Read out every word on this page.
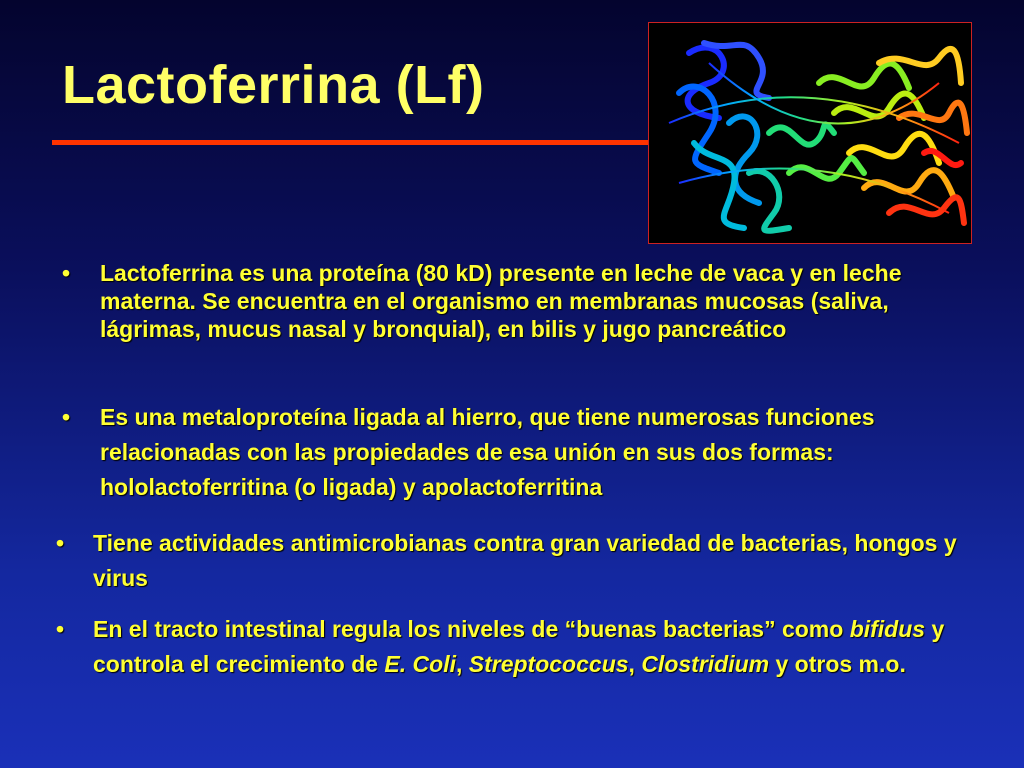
Lactoferrina (Lf)
• Lactoferrina es una proteína (80 kD) presente en leche de vaca y en leche materna. Se encuentra en el organismo en membranas mucosas (saliva, lágrimas, mucus nasal y bronquial), en bilis y jugo pancreático
• Es una metaloproteína ligada al hierro, que tiene numerosas funciones relacionadas con las propiedades de esa unión en sus dos formas: hololactoferritina (o ligada) y apolactoferritina
• Tiene actividades antimicrobianas contra gran variedad de bacterias, hongos y virus
• En el tracto intestinal regula los niveles de “buenas bacterias” como bifidus y controla el crecimiento de E. Coli, Streptococcus, Clostridium y otros m.o.
